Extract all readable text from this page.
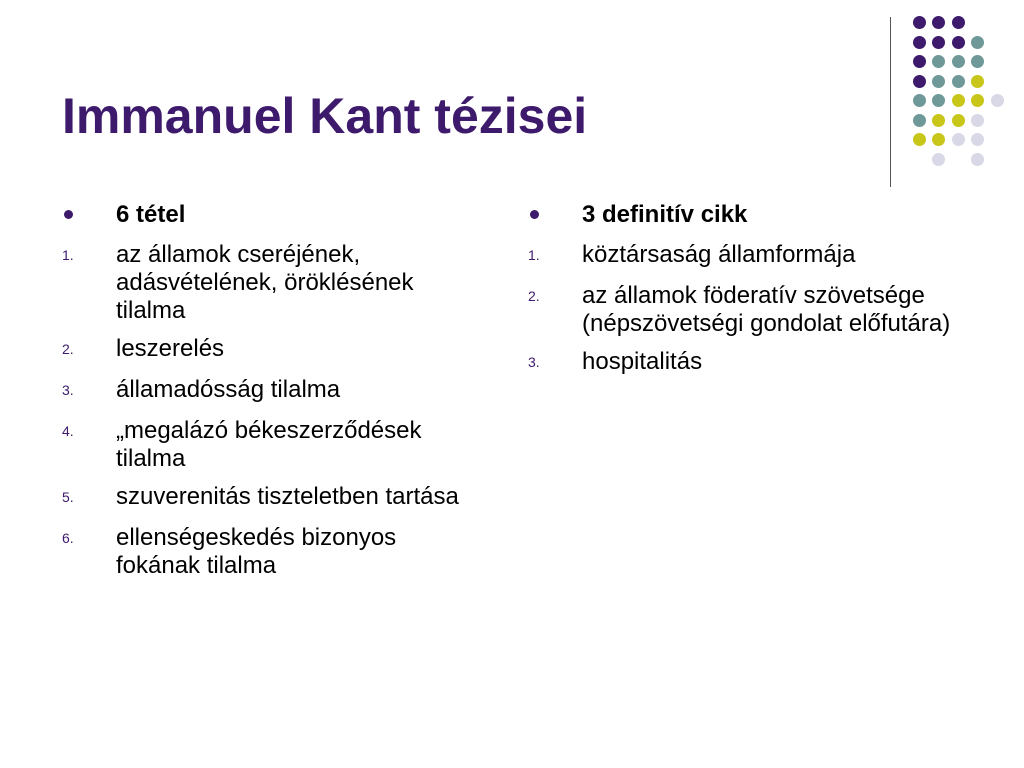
Immanuel Kant tézisei
6 tétel
1.	az államok cseréjének, adásvételének, öröklésének tilalma
2.	leszerelés
3.	államadósság tilalma
4.	„megalázó békeszerződések tilalma
5.	szuverenitás tiszteletben tartása
6.	ellenségeskedés bizonyos fokának tilalma
3 definitív cikk
1.	köztársaság államformája
2.	az államok föderatív szövetsége (népszövetségi gondolat előfutára)
3.	hospitalitás
